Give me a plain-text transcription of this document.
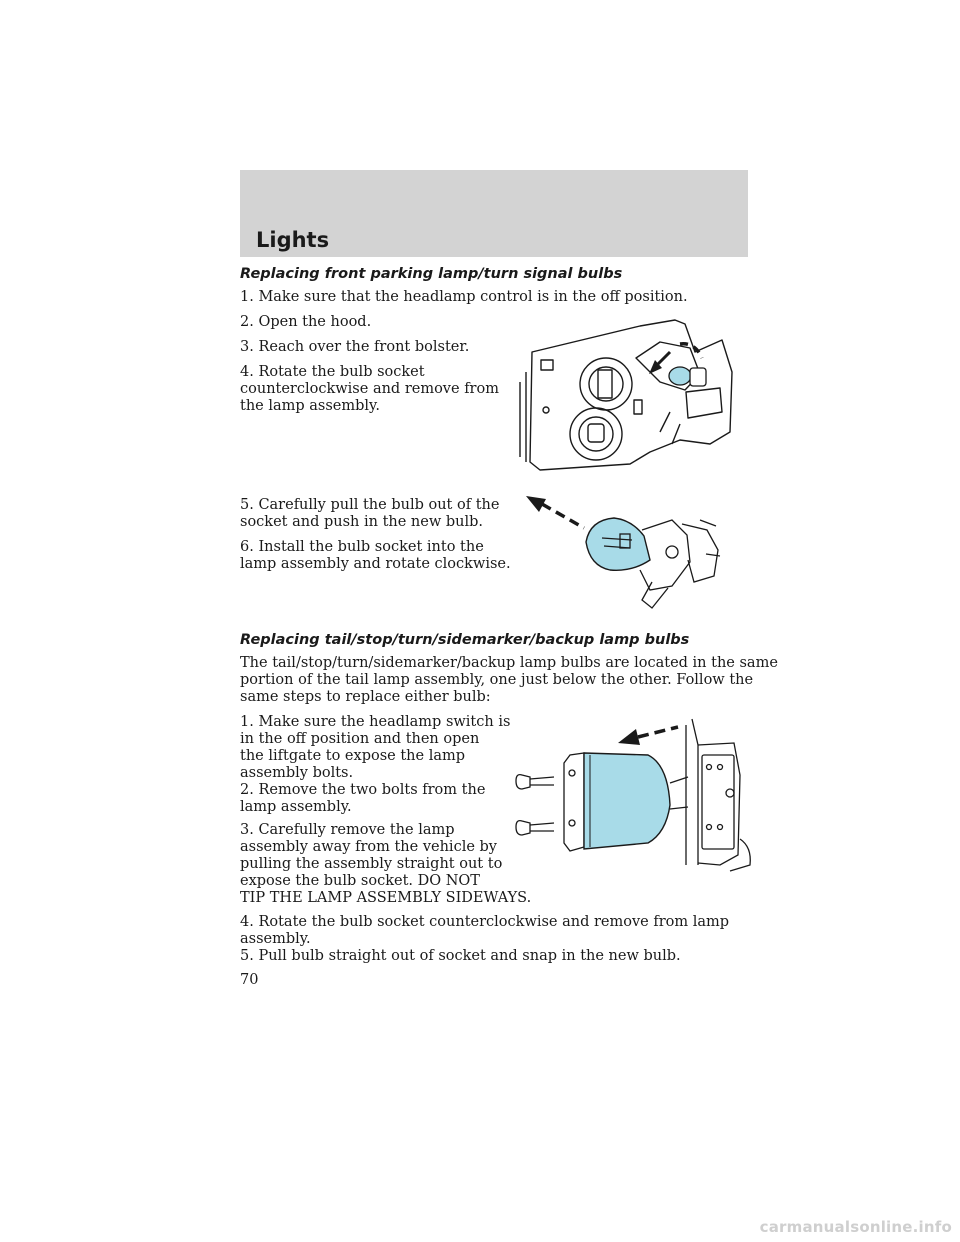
Lights
Replacing front parking lamp/turn signal bulbs
1. Make sure that the headlamp control is in the off position.
2. Open the hood.
3. Reach over the front bolster.
4. Rotate the bulb socket
counterclockwise and remove from
the lamp assembly.
5. Carefully pull the bulb out of the
socket and push in the new bulb.
6. Install the bulb socket into the
lamp assembly and rotate clockwise.
Replacing tail/stop/turn/sidemarker/backup lamp bulbs
The tail/stop/turn/sidemarker/backup lamp bulbs are located in the same
portion of the tail lamp assembly, one just below the other. Follow the
same steps to replace either bulb:
1. Make sure the headlamp switch is
in the off position and then open
the liftgate to expose the lamp
assembly bolts.
2. Remove the two bolts from the
lamp assembly.
3. Carefully remove the lamp
assembly away from the vehicle by
pulling the assembly straight out to
expose the bulb socket. DO NOT
TIP THE LAMP ASSEMBLY SIDEWAYS.
4. Rotate the bulb socket counterclockwise and remove from lamp
assembly.
5. Pull bulb straight out of socket and snap in the new bulb.
70
carmanualsonline.info
